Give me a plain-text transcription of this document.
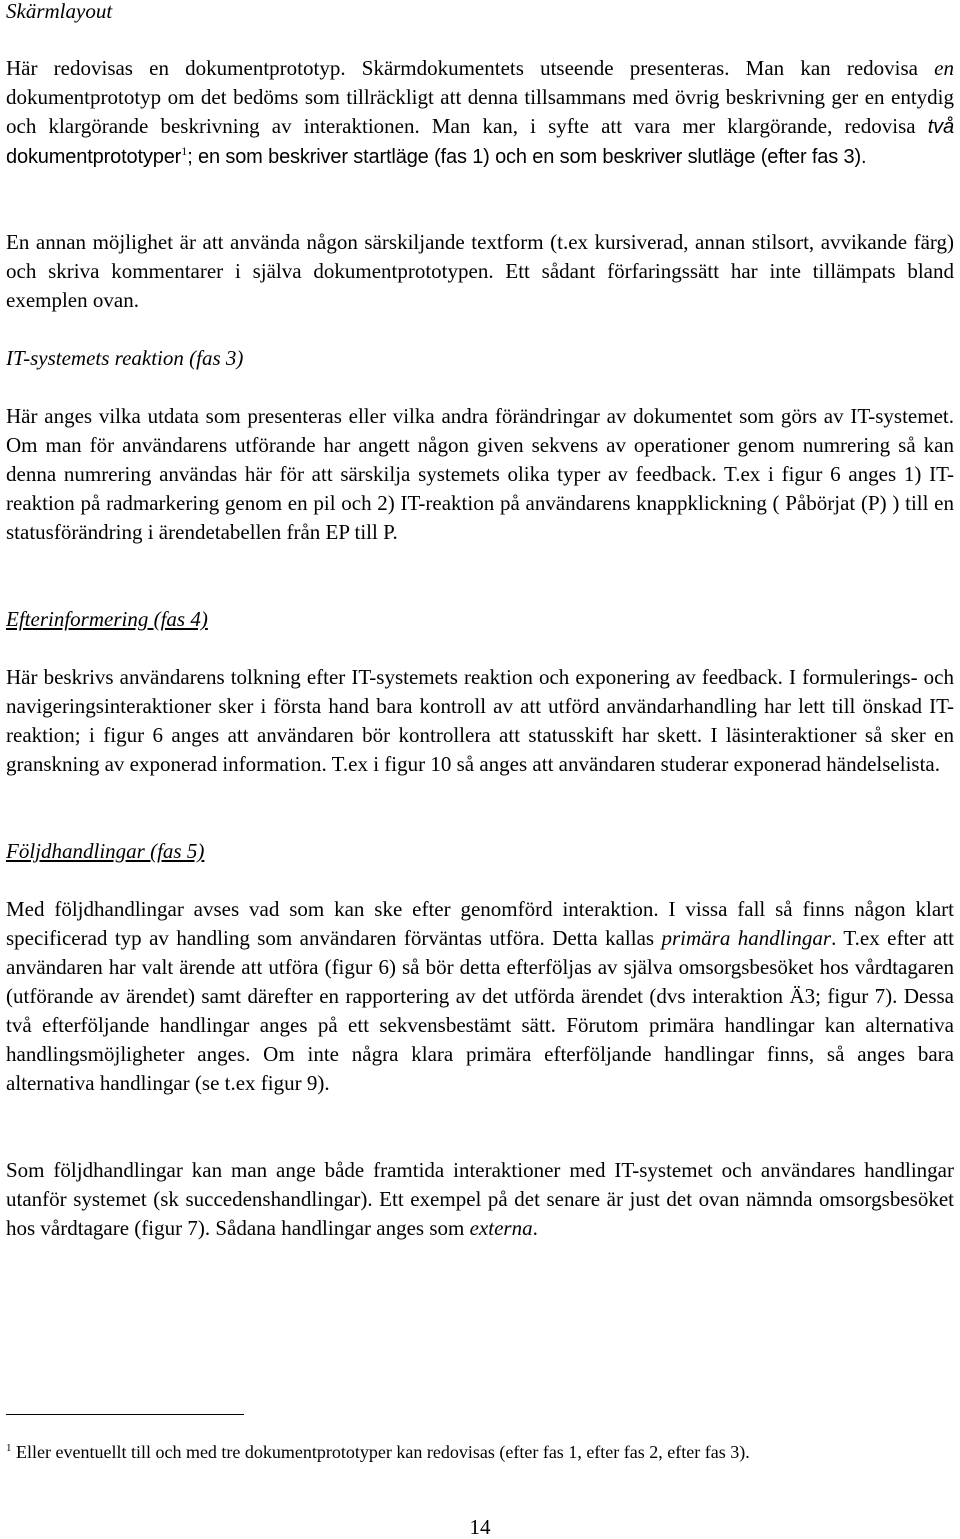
Skärmlayout

Här redovisas en dokumentprototyp. Skärmdokumentets utseende presenteras. Man kan redovisa en dokumentprototyp om det bedöms som tillräckligt att denna tillsammans med övrig beskrivning ger en entydig och klargörande beskrivning av interaktionen. Man kan, i syfte att vara mer klargörande, redovisa två dokumentprototyper$^1$; en som beskriver startläge (fas 1) och en som beskriver slutläge (efter fas 3).

En annan möjlighet är att använda någon särskiljande textform (t.ex kursiverad, annan stilsort, avvikande färg) och skriva kommentarer i själva dokumentprototypen. Ett sådant förfaringssätt har inte tillämpats bland exemplen ovan.

IT-systemets reaktion (fas 3)

Här anges vilka utdata som presenteras eller vilka andra förändringar av dokumentet som görs av IT-systemet. Om man för användarens utförande har angett någon given sekvens av operationer genom numrering så kan denna numrering användas här för att särskilja systemets olika typer av feedback. T.ex i figur 6 anges 1) IT-reaktion på radmarkering genom en pil och 2) IT-reaktion på användarens knappklickning ( Påbörjat (P) ) till en statusförändring i ärendetabellen från EP till P.

Efterinformering (fas 4)

Här beskrivs användarens tolkning efter IT-systemets reaktion och exponering av feedback. I formulerings- och navigeringsinteraktioner sker i första hand bara kontroll av att utförd användarhandling har lett till önskad IT-reaktion; i figur 6 anges att användaren bör kontrollera att statusskift har skett. I läsinteraktioner så sker en granskning av exponerad information. T.ex i figur 10 så anges att användaren studerar exponerad händelselista.

Följdhandlingar (fas 5)

Med följdhandlingar avses vad som kan ske efter genomförd interaktion. I vissa fall så finns någon klart specificerad typ av handling som användaren förväntas utföra. Detta kallas primära handlingar. T.ex efter att användaren har valt ärende att utföra (figur 6) så bör detta efterföljas av själva omsorgsbesöket hos vårdtagaren (utförande av ärendet) samt därefter en rapportering av det utförda ärendet (dvs interaktion Ä3; figur 7). Dessa två efterföljande handlingar anges på ett sekvensbestämt sätt. Förutom primära handlingar kan alternativa handlingsmöjligheter anges. Om inte några klara primära efterföljande handlingar finns, så anges bara alternativa handlingar (se t.ex figur 9).

Som följdhandlingar kan man ange både framtida interaktioner med IT-systemet och användares handlingar utanför systemet (sk succedenshandlingar). Ett exempel på det senare är just det ovan nämnda omsorgsbesöket hos vårdtagare (figur 7). Sådana handlingar anges som externa.

$^1$ Eller eventuellt till och med tre dokumentprototyper kan redovisas (efter fas 1, efter fas 2, efter fas 3).

14
